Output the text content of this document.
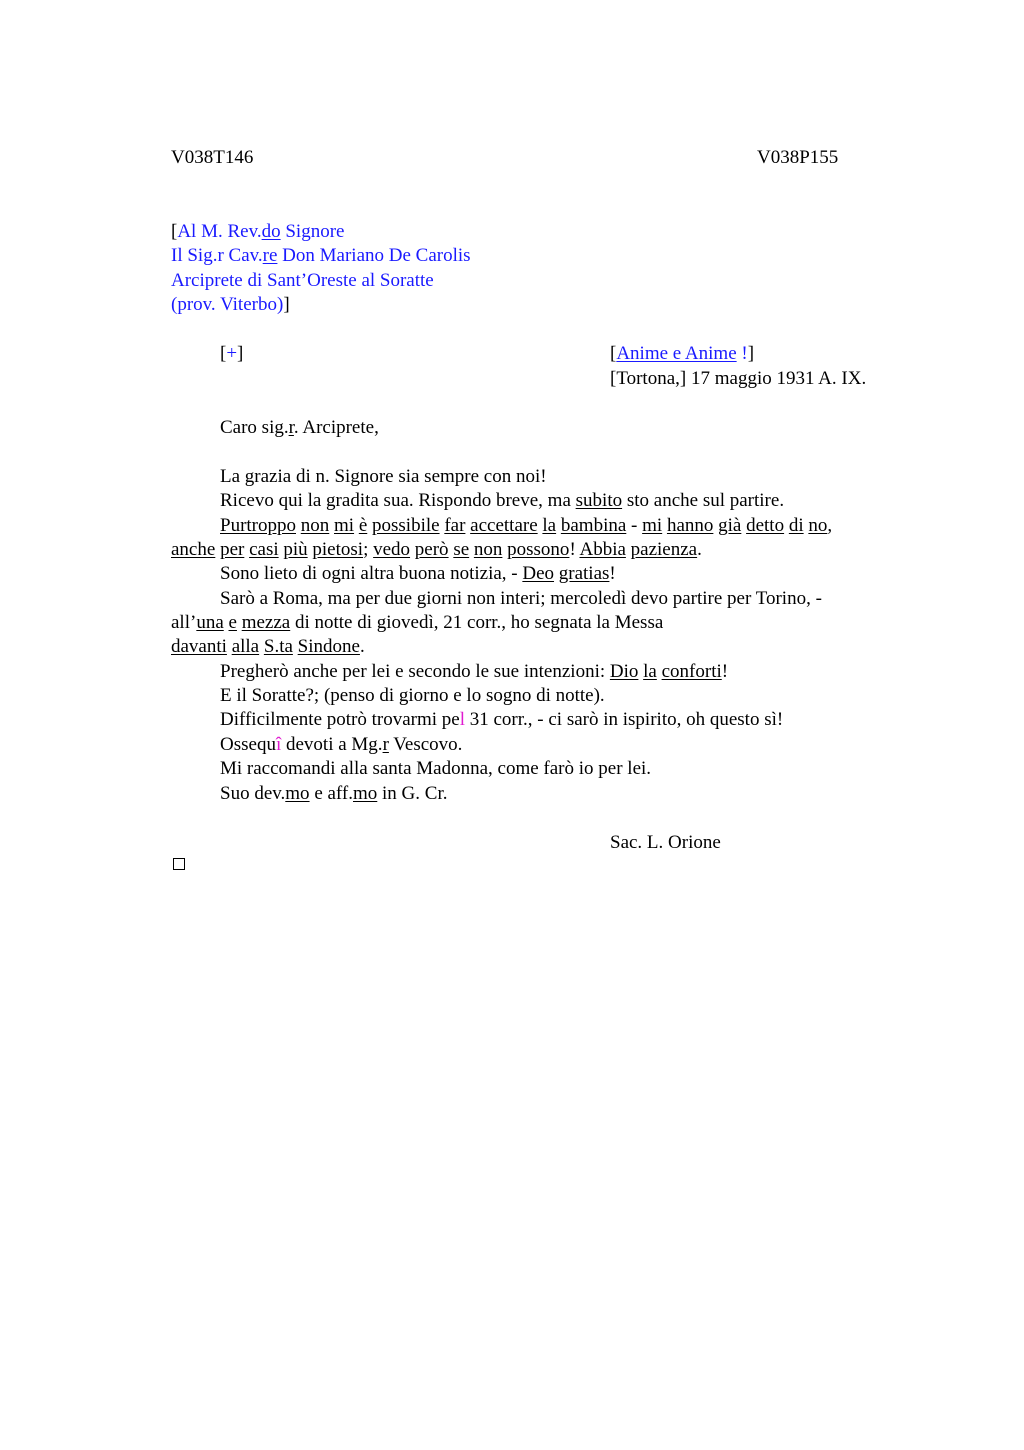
V038T146	V038P155
[Al M. Rev.do Signore
Il Sig.r Cav.re Don Mariano De Carolis
Arciprete di Sant’Oreste al Soratte
(prov. Viterbo)]
[+]	[Anime e Anime !]
[Tortona,] 17 maggio 1931 A. IX.
Caro sig.r. Arciprete,
La grazia di n. Signore sia sempre con noi!
Ricevo qui la gradita sua. Rispondo breve, ma subito sto anche sul partire.
Purtroppo non mi è possibile far accettare la bambina - mi hanno già detto di no,
anche per casi più pietosi; vedo però se non possono! Abbia pazienza.
Sono lieto di ogni altra buona notizia, - Deo gratias!
Sarò a Roma, ma per due giorni non interi; mercoledì devo partire per Torino, -
all’una e mezza di notte di giovedì, 21 corr., ho segnata la Messa
davanti alla S.ta Sindone.
Pregherò anche per lei e secondo le sue intenzioni: Dio la conforti!
E il Soratte?; (penso di giorno e lo sogno di notte).
Difficilmente potrò trovarmi pel 31 corr., - ci sarò in ispirito, oh questo sì!
Ossequî devoti a Mg.r Vescovo.
Mi raccomandi alla santa Madonna, come farò io per lei.
Suo dev.mo e aff.mo in G. Cr.
Sac. L. Orione
